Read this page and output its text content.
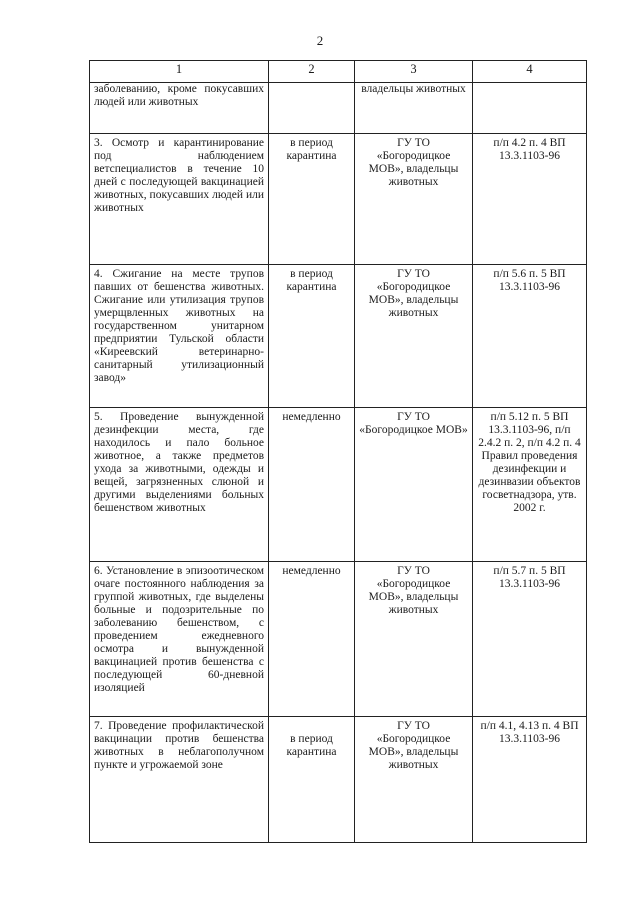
2
1	2	3	4
заболеванию, кроме покусавших людей или животных		владельцы животных	
3. Осмотр и карантинирование под наблюдением ветспециалистов в течение 10 дней с последующей вакцинацией животных, покусавших людей или животных	в период карантина	ГУ ТО «Богородицкое МОВ», владельцы животных	п/п 4.2 п. 4 ВП 13.3.1103-96
4. Сжигание на месте трупов павших от бешенства животных. Сжигание или утилизация трупов умерщвленных животных на государственном унитарном предприятии Тульской области «Киреевский ветеринарно-санитарный утилизационный завод»	в период карантина	ГУ ТО «Богородицкое МОВ», владельцы животных	п/п 5.6 п. 5 ВП 13.3.1103-96
5. Проведение вынужденной дезинфекции места, где находилось и пало больное животное, а также предметов ухода за животными, одежды и вещей, загрязненных слюной и другими выделениями больных бешенством животных	немедленно	ГУ ТО «Богородицкое МОВ»	п/п 5.12 п. 5 ВП 13.3.1103-96, п/п 2.4.2 п. 2, п/п 4.2 п. 4 Правил проведения дезинфекции и дезинвазии объектов госветнадзора, утв. 2002 г.
6. Установление в эпизоотическом очаге постоянного наблюдения за группой животных, где выделены больные и подозрительные по заболеванию бешенством, с проведением ежедневного осмотра и вынужденной вакцинацией против бешенства с последующей 60-дневной изоляцией	немедленно	ГУ ТО «Богородицкое МОВ», владельцы животных	п/п 5.7 п. 5 ВП 13.3.1103-96
7. Проведение профилактической вакцинации против бешенства животных в неблагополучном пункте и угрожаемой зоне	в период карантина	ГУ ТО «Богородицкое МОВ», владельцы животных	п/п 4.1, 4.13 п. 4 ВП 13.3.1103-96
